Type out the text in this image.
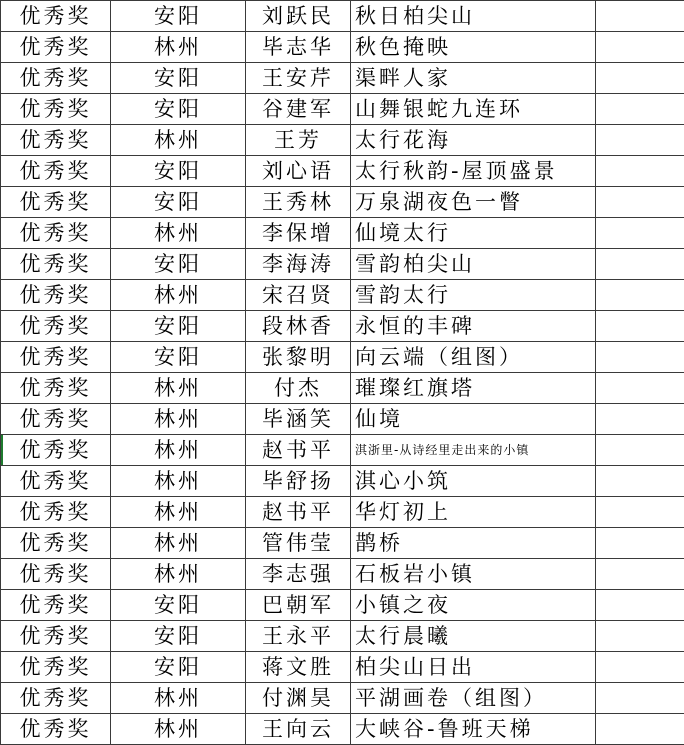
优秀奖	安阳	刘跃民	秋日柏尖山	
优秀奖	林州	毕志华	秋色掩映	
优秀奖	安阳	王安芹	渠畔人家	
优秀奖	安阳	谷建军	山舞银蛇九连环	
优秀奖	林州	王芳	太行花海	
优秀奖	安阳	刘心语	太行秋韵-屋顶盛景	
优秀奖	安阳	王秀林	万泉湖夜色一瞥	
优秀奖	林州	李保增	仙境太行	
优秀奖	安阳	李海涛	雪韵柏尖山	
优秀奖	林州	宋召贤	雪韵太行	
优秀奖	安阳	段林香	永恒的丰碑	
优秀奖	安阳	张黎明	向云端（组图）	
优秀奖	林州	付杰	璀璨红旗塔	
优秀奖	林州	毕涵笑	仙境	
优秀奖	林州	赵书平	淇浙里-从诗经里走出来的小镇	
优秀奖	林州	毕舒扬	淇心小筑	
优秀奖	林州	赵书平	华灯初上	
优秀奖	林州	管伟莹	鹊桥	
优秀奖	林州	李志强	石板岩小镇	
优秀奖	安阳	巴朝军	小镇之夜	
优秀奖	安阳	王永平	太行晨曦	
优秀奖	安阳	蒋文胜	柏尖山日出	
优秀奖	林州	付渊昊	平湖画卷（组图）	
优秀奖	林州	王向云	大峡谷-鲁班天梯	
